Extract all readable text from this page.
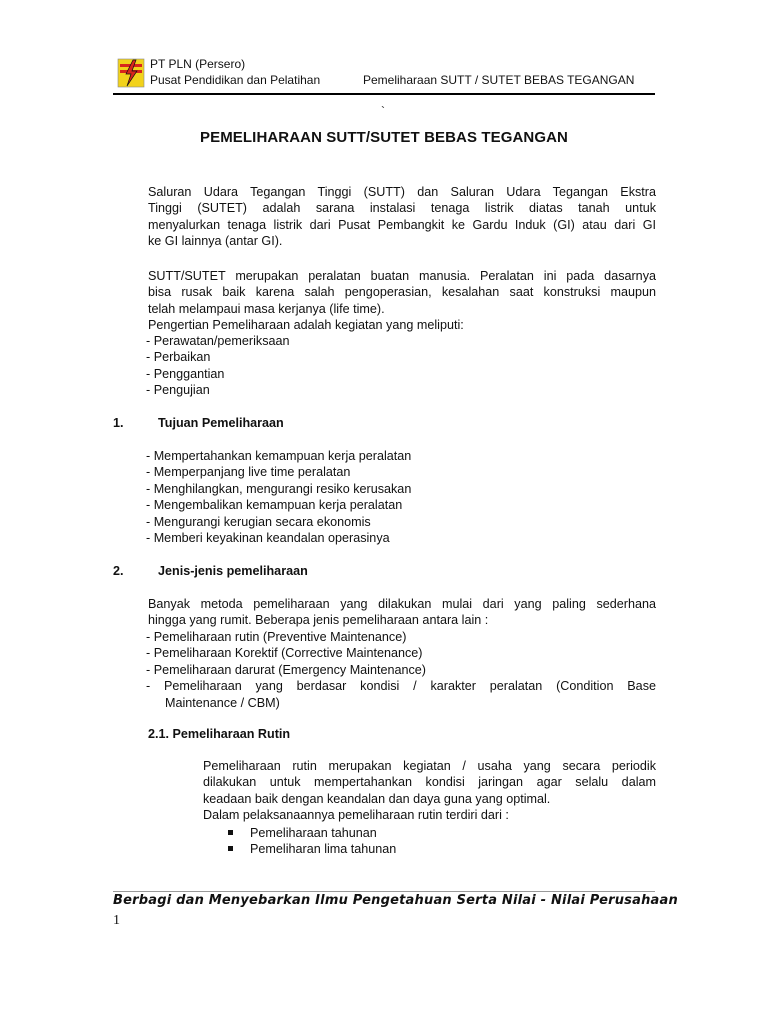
PT PLN (Persero)
Pusat Pendidikan dan Pelatihan	Pemeliharaan SUTT / SUTET BEBAS TEGANGAN
`
PEMELIHARAAN SUTT/SUTET BEBAS TEGANGAN
Saluran Udara Tegangan Tinggi (SUTT) dan Saluran Udara Tegangan Ekstra
Tinggi (SUTET) adalah sarana instalasi tenaga listrik diatas tanah untuk
menyalurkan tenaga listrik dari Pusat Pembangkit ke Gardu Induk (GI) atau dari GI
ke GI lainnya (antar GI).
SUTT/SUTET merupakan peralatan buatan manusia. Peralatan ini pada dasarnya
bisa rusak baik karena salah pengoperasian, kesalahan saat konstruksi maupun
telah melampaui masa kerjanya (life time).
Pengertian Pemeliharaan adalah kegiatan yang meliputi:
- Perawatan/pemeriksaan
- Perbaikan
- Penggantian
- Pengujian
1.	Tujuan Pemeliharaan
- Mempertahankan kemampuan kerja peralatan
- Memperpanjang live time peralatan
- Menghilangkan, mengurangi resiko kerusakan
- Mengembalikan kemampuan kerja peralatan
- Mengurangi kerugian secara ekonomis
- Memberi keyakinan keandalan operasinya
2.	Jenis-jenis pemeliharaan
Banyak metoda pemeliharaan yang dilakukan mulai dari yang paling sederhana
hingga yang rumit. Beberapa jenis pemeliharaan antara lain :
- Pemeliharaan rutin (Preventive Maintenance)
- Pemeliharaan Korektif (Corrective Maintenance)
- Pemeliharaan darurat (Emergency Maintenance)
- Pemeliharaan yang berdasar kondisi / karakter peralatan (Condition Base
Maintenance / CBM)
2.1. Pemeliharaan Rutin
Pemeliharaan rutin merupakan kegiatan / usaha yang secara periodik
dilakukan untuk mempertahankan kondisi jaringan agar selalu dalam
keadaan baik dengan keandalan dan daya guna yang optimal.
Dalam pelaksanaannya pemeliharaan rutin terdiri dari :
Pemeliharaan tahunan
Pemeliharan lima tahunan
Berbagi dan Menyebarkan Ilmu Pengetahuan Serta Nilai - Nilai Perusahaan
1
